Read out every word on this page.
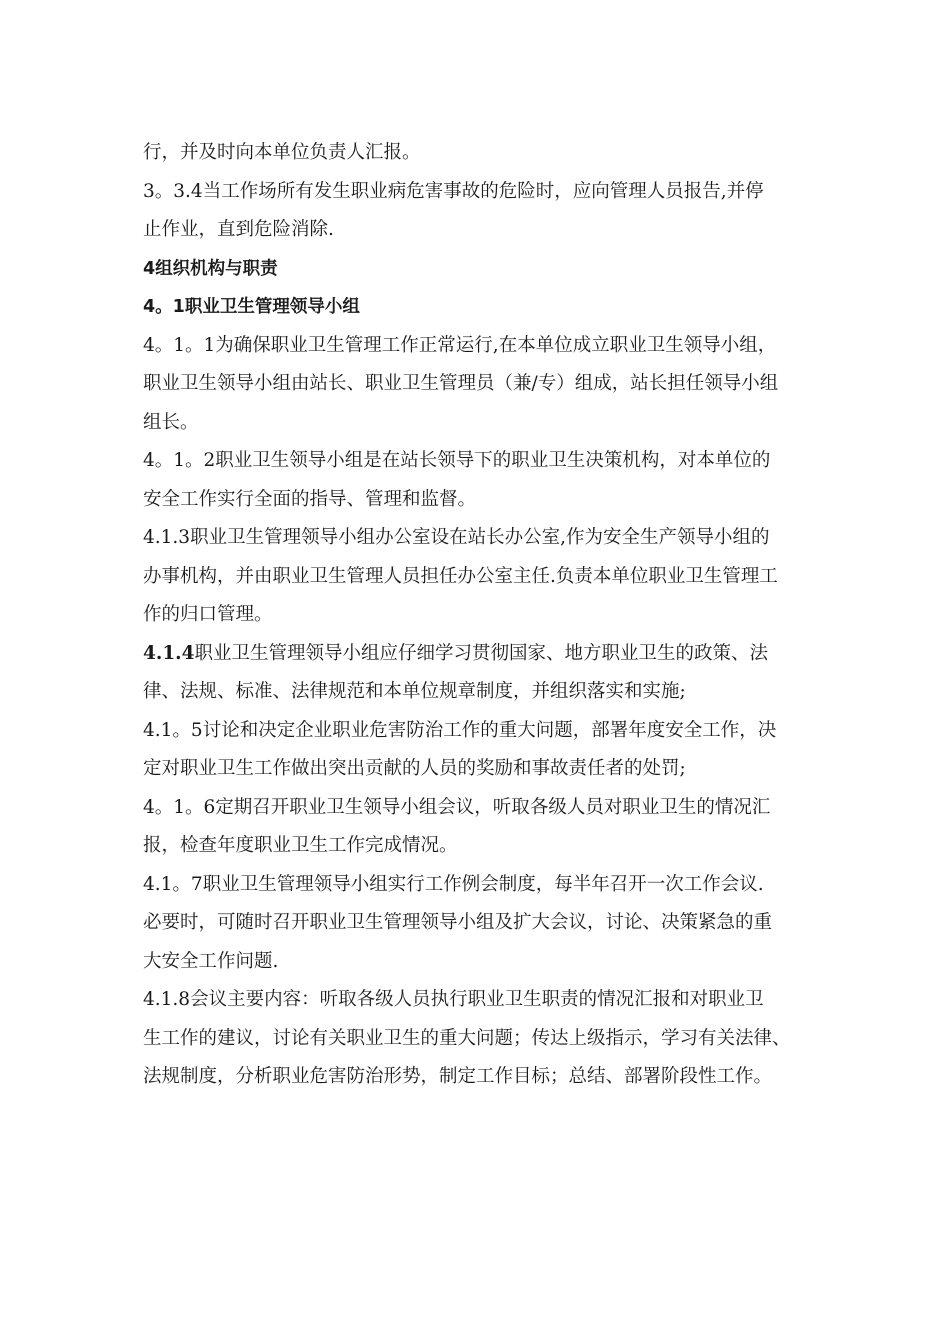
行，并及时向本单位负责人汇报。
3。3.4当工作场所有发生职业病危害事故的危险时，应向管理人员报告,并停
止作业，直到危险消除.
4组织机构与职责
4。1职业卫生管理领导小组
4。1。1为确保职业卫生管理工作正常运行,在本单位成立职业卫生领导小组，
职业卫生领导小组由站长、职业卫生管理员（兼/专）组成，站长担任领导小组
组长。
4。1。2职业卫生领导小组是在站长领导下的职业卫生决策机构，对本单位的
安全工作实行全面的指导、管理和监督。
4.1.3职业卫生管理领导小组办公室设在站长办公室,作为安全生产领导小组的
办事机构，并由职业卫生管理人员担任办公室主任.负责本单位职业卫生管理工
作的归口管理。
4.1.4职业卫生管理领导小组应仔细学习贯彻国家、地方职业卫生的政策、法
律、法规、标准、法律规范和本单位规章制度，并组织落实和实施;
4.1。5讨论和决定企业职业危害防治工作的重大问题，部署年度安全工作，决
定对职业卫生工作做出突出贡献的人员的奖励和事故责任者的处罚;
4。1。6定期召开职业卫生领导小组会议，听取各级人员对职业卫生的情况汇
报，检查年度职业卫生工作完成情况。
4.1。7职业卫生管理领导小组实行工作例会制度，每半年召开一次工作会议.
必要时，可随时召开职业卫生管理领导小组及扩大会议，讨论、决策紧急的重
大安全工作问题.
4.1.8会议主要内容：听取各级人员执行职业卫生职责的情况汇报和对职业卫
生工作的建议，讨论有关职业卫生的重大问题；传达上级指示，学习有关法律、
法规制度，分析职业危害防治形势，制定工作目标；总结、部署阶段性工作。
